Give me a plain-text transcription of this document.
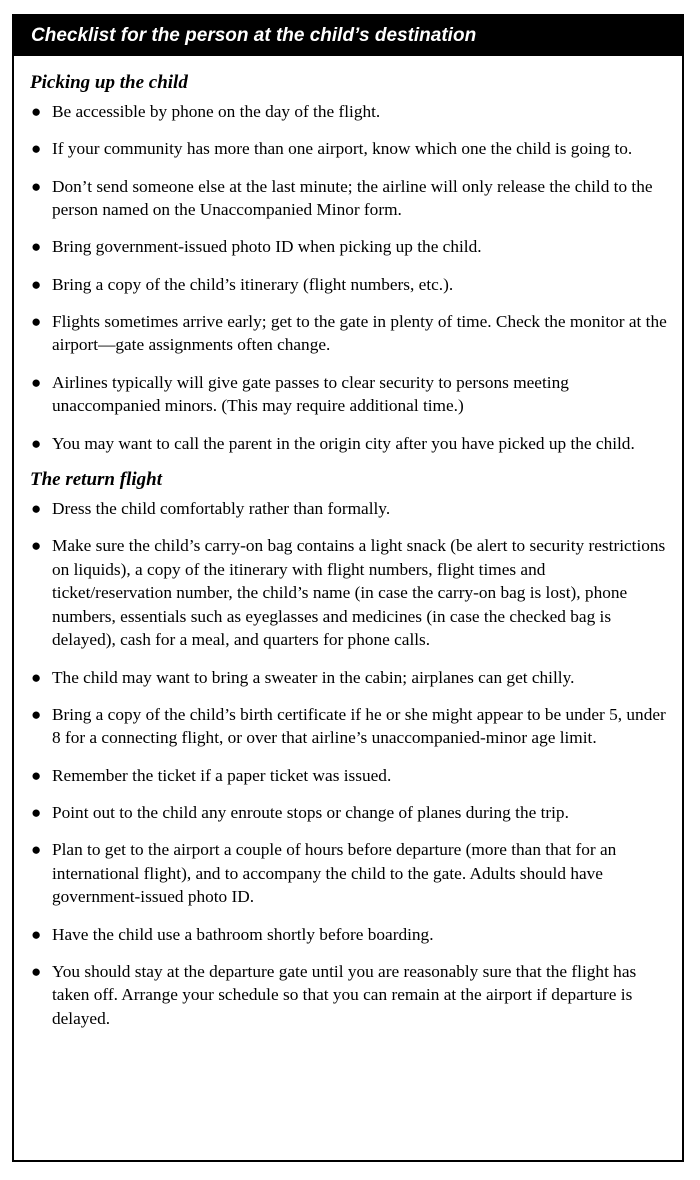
Checklist for the person at the child’s destination
Picking up the child
● Be accessible by phone on the day of the flight.
● If your community has more than one airport, know which one the child is going to.
● Don’t send someone else at the last minute; the airline will only release the child to the person named on the Unaccompanied Minor form.
● Bring government-issued photo ID when picking up the child.
● Bring a copy of the child’s itinerary (flight numbers, etc.).
● Flights sometimes arrive early; get to the gate in plenty of time. Check the monitor at the airport—gate assignments often change.
● Airlines typically will give gate passes to clear security to persons meeting unaccompanied minors. (This may require additional time.)
● You may want to call the parent in the origin city after you have picked up the child.
The return flight
● Dress the child comfortably rather than formally.
● Make sure the child’s carry-on bag contains a light snack (be alert to security restrictions on liquids), a copy of the itinerary with flight numbers, flight times and ticket/reservation number, the child’s name (in case the carry-on bag is lost), phone numbers, essentials such as eyeglasses and medicines (in case the checked bag is delayed), cash for a meal, and quarters for phone calls.
● The child may want to bring a sweater in the cabin; airplanes can get chilly.
● Bring a copy of the child’s birth certificate if he or she might appear to be under 5, under 8 for a connecting flight, or over that airline’s unaccompanied-minor age limit.
● Remember the ticket if a paper ticket was issued.
● Point out to the child any enroute stops or change of planes during the trip.
● Plan to get to the airport a couple of hours before departure (more than that for an international flight), and to accompany the child to the gate. Adults should have government-issued photo ID.
● Have the child use a bathroom shortly before boarding.
● You should stay at the departure gate until you are reasonably sure that the flight has taken off. Arrange your schedule so that you can remain at the airport if departure is delayed.
